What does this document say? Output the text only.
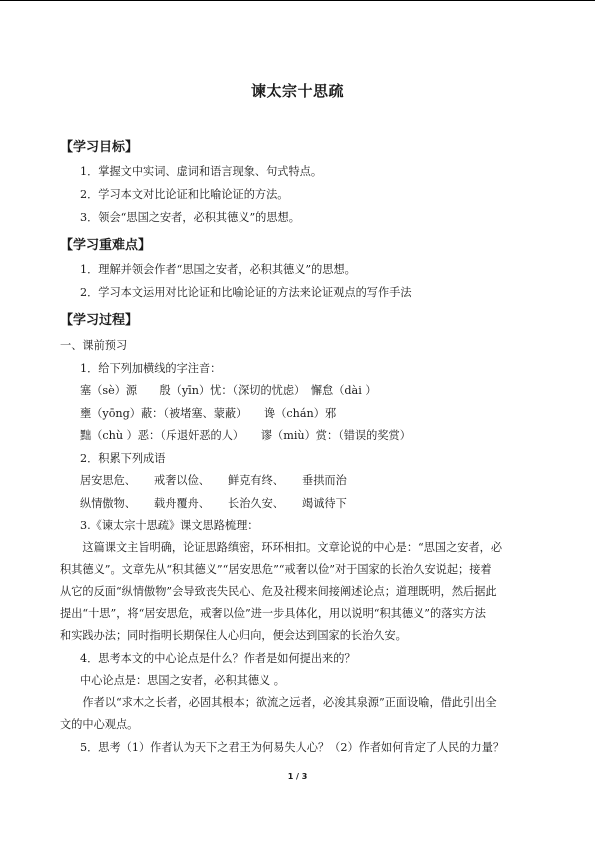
谏太宗十思疏
【学习目标】
1．掌握文中实词、虚词和语言现象、句式特点。
2．学习本文对比论证和比喻论证的方法。
3．领会“思国之安者，必积其德义”的思想。
【学习重难点】
1．理解并领会作者“思国之安者，必积其德义”的思想。
2．学习本文运用对比论证和比喻论证的方法来论证观点的写作手法
【学习过程】
一、课前预习
1．给下列加横线的字注音：
塞（sè）源　　殷（yīn）忧：（深切的忧虑）　懈怠（dài ）
壅（yōng）蔽：（被堵塞、蒙蔽）　　谗（chán）邪
黜（chù ）恶：（斥退奸恶的人）　　谬（miù）赏：（错误的奖赏）
2．积累下列成语
居安思危、 戒奢以俭、 鲜克有终、 垂拱而治
纵情傲物、 载舟覆舟、 长治久安、 竭诚待下
3.《谏太宗十思疏》课文思路梳理：
　　这篇课文主旨明确，论证思路缜密，环环相扣。文章论说的中心是：“思国之安者，必
积其德义”。文章先从“积其德义”“居安思危”“戒奢以俭”对于国家的长治久安说起；接着
从它的反面“纵情傲物”会导致丧失民心、危及社稷来间接阐述论点；道理既明，然后据此
提出“十思”，将“居安思危，戒奢以俭”进一步具体化，用以说明“积其德义”的落实方法
和实践办法；同时指明长期保住人心归向，便会达到国家的长治久安。
4．思考本文的中心论点是什么？作者是如何提出来的？
中心论点是：思国之安者，必积其德义 。
　　作者以“求木之长者，必固其根本；欲流之远者，必浚其泉源”正面设喻，借此引出全
文的中心观点。
5．思考（1）作者认为天下之君王为何易失人心？（2）作者如何肯定了人民的力量？
1 / 3
